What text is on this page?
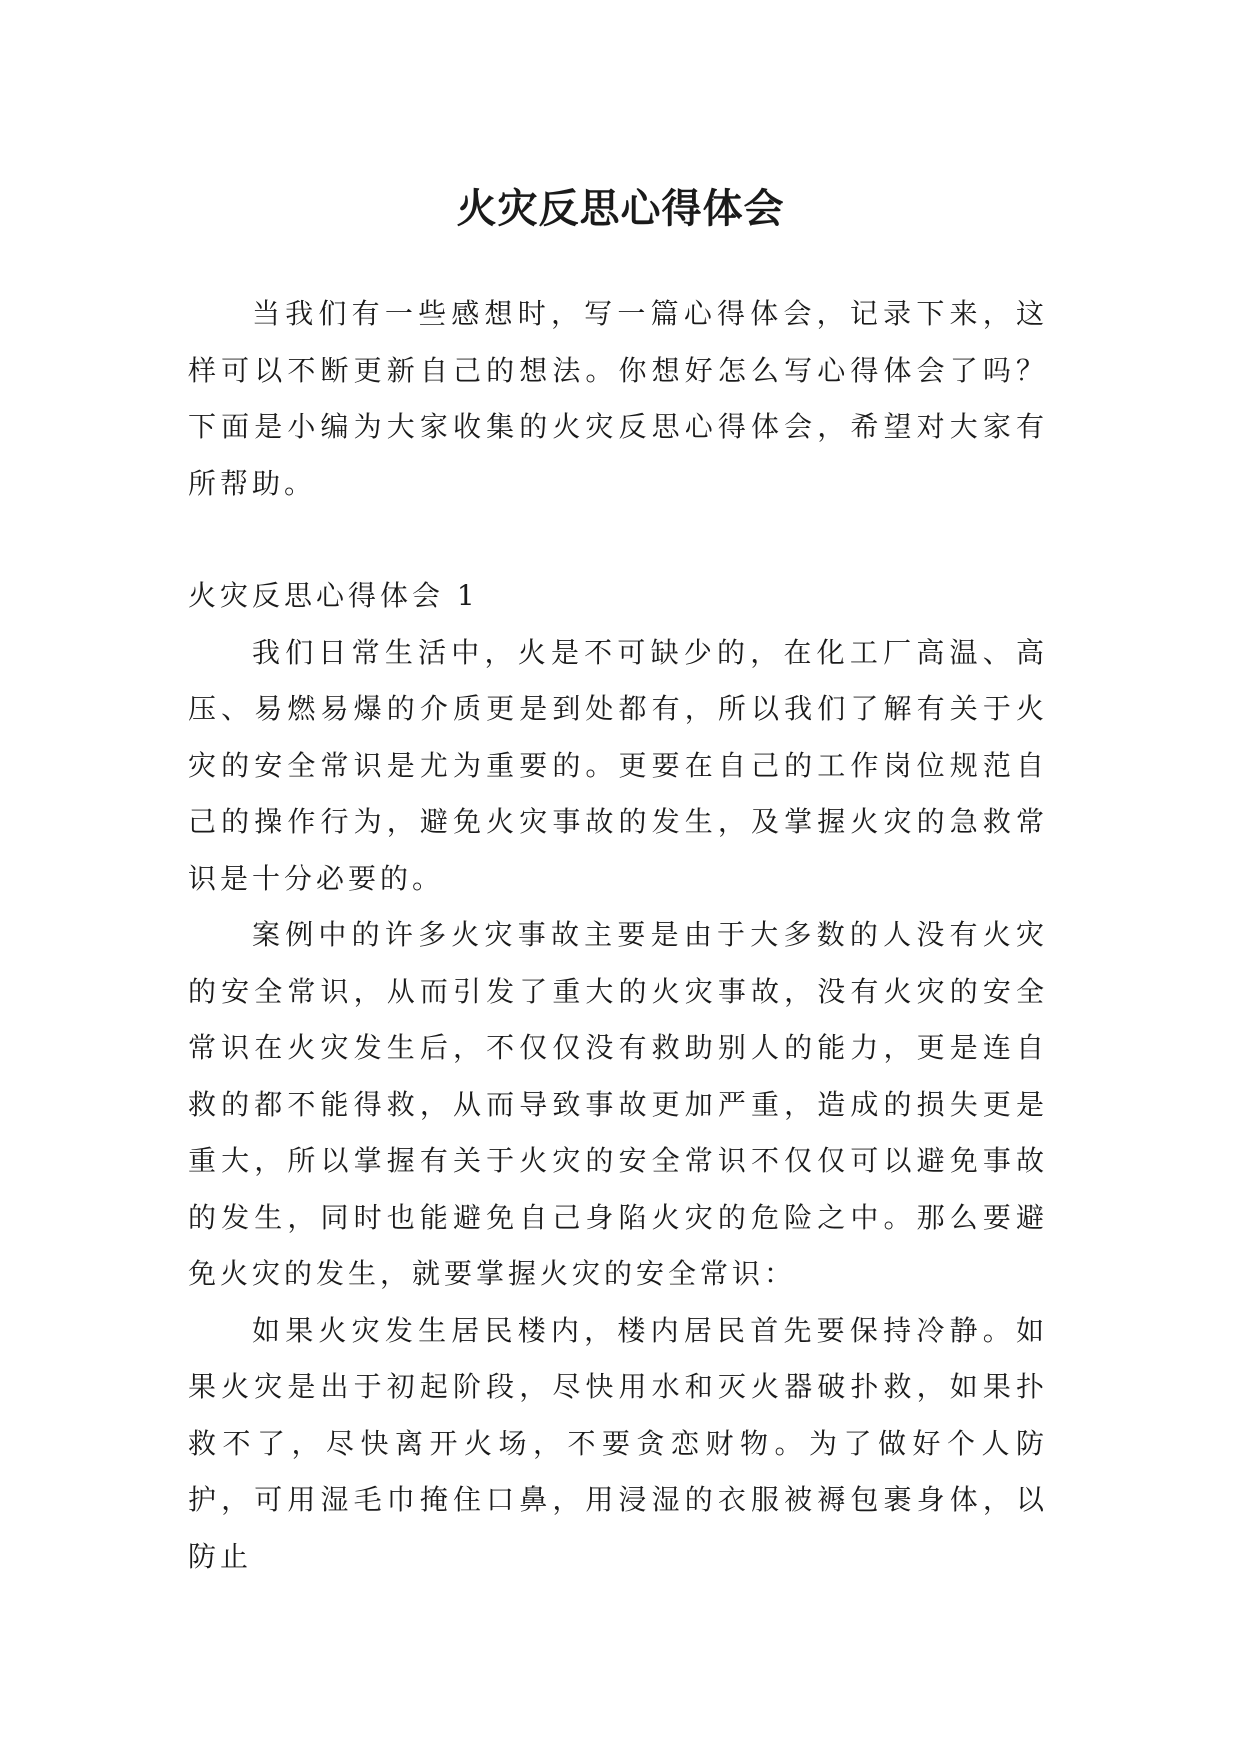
火灾反思心得体会

当我们有一些感想时，写一篇心得体会，记录下来，这样可以不断更新自己的想法。你想好怎么写心得体会了吗？下面是小编为大家收集的火灾反思心得体会，希望对大家有所帮助。

火灾反思心得体会 1

我们日常生活中，火是不可缺少的，在化工厂高温、高压、易燃易爆的介质更是到处都有，所以我们了解有关于火灾的安全常识是尤为重要的。更要在自己的工作岗位规范自己的操作行为，避免火灾事故的发生，及掌握火灾的急救常识是十分必要的。

案例中的许多火灾事故主要是由于大多数的人没有火灾的安全常识，从而引发了重大的火灾事故，没有火灾的安全常识在火灾发生后，不仅仅没有救助别人的能力，更是连自救的都不能得救，从而导致事故更加严重，造成的损失更是重大，所以掌握有关于火灾的安全常识不仅仅可以避免事故的发生，同时也能避免自己身陷火灾的危险之中。那么要避免火灾的发生，就要掌握火灾的安全常识：

如果火灾发生居民楼内，楼内居民首先要保持冷静。如果火灾是出于初起阶段，尽快用水和灭火器破扑救，如果扑救不了，尽快离开火场，不要贪恋财物。为了做好个人防护，可用湿毛巾掩住口鼻，用浸湿的衣服被褥包裹身体，以防止
